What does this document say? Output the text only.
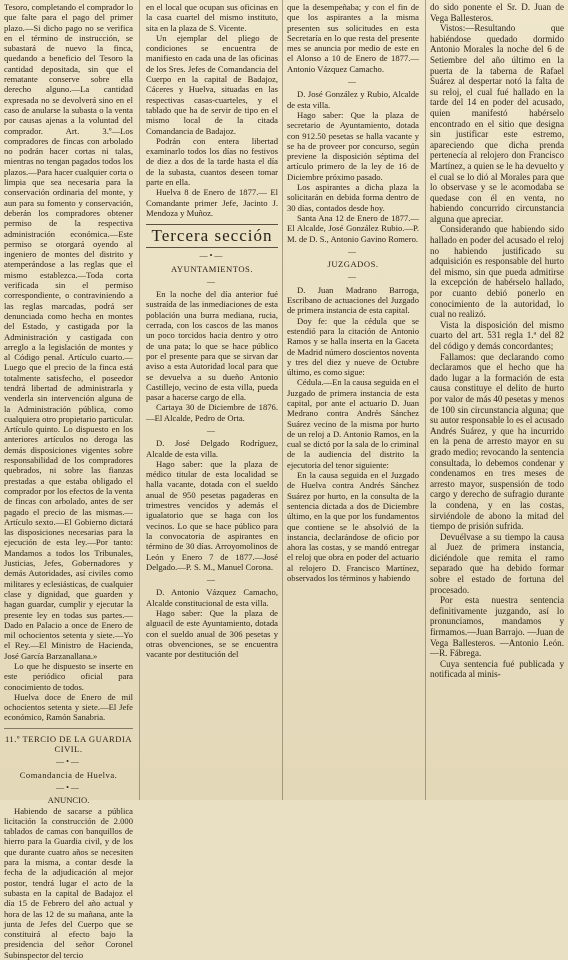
Tesoro, completando el comprador lo que falte para el pago del primer plazo.—Si dicho pago no se verifica en el término de instrucción, se subastará de nuevo la finca, quedando a beneficio del Tesoro la cantidad depositada, sin que el rematante conserve sobre ella derecho alguno.—La cantidad expresada no se devolverá sino en el caso de anularse la subasta o la venta por causas ajenas a la voluntad del comprador. Art. 3.º—Los compradores de fincas con arbolado no podrán hacer cortas ni talas, mientras no tengan pagados todos los plazos.—Para hacer cualquier corta o limpia que sea necesaria para la conservación ordinaria del monte, y aun para su fomento y conservación, deberán los compradores obtener permiso de la respectiva administración económica.—Este permiso se otorgará oyendo al ingeniero de montes del distrito y atemperándose a las reglas que el mismo establezca.—Toda corta verificada sin el permiso correspondiente, o contraviniendo a las reglas marcadas, podrá ser denunciada como hecha en montes del Estado, y castigada por la Administración y castigada con arreglo a la legislación de montes y al Código penal. Artículo cuarto.—Luego que el precio de la finca está totalmente satisfecho, el poseedor tendrá libertad de administrarla y venderla sin intervención alguna de la Administración pública, como cualquiera otro propietario particular. Artículo quinto. Lo dispuesto en los anteriores artículos no deroga las demás disposiciones vigentes sobre responsabilidad de los compradores quebrados, ni sobre las fianzas prestadas a que estaba obligado el comprador por los efectos de la venta de fincas con arbolado, antes de ser pagado el precio de las mismas.—Artículo sexto.—El Gobierno dictará las disposiciones necesarias para la ejecución de esta ley.—Por tanto: Mandamos a todos los Tribunales, Justicias, Jefes, Gobernadores y demás Autoridades, así civiles como militares y eclesiásticas, de cualquier clase y dignidad, que guarden y hagan guardar, cumplir y ejecutar la presente ley en todas sus partes.—Dado en Palacio a once de Enero de mil ochocientos setenta y siete.—Yo el Rey.—El Ministro de Hacienda, José García Barzanallana.»

Lo que he dispuesto se inserte en este periódico oficial para conocimiento de todos.

Huelva doce de Enero de mil ochocientos setenta y siete.—El Jefe económico, Ramón Sanabria.

11.º TERCIO DE LA GUARDIA CIVIL.

—•—

Comandancia de Huelva.

—•—

ANUNCIO.

Habiendo de sacarse a pública licitación la construcción de 2.000 tablados de camas con banquillos de hierro para la Guardia civil, y de los que durante cuatro años se necesiten para la misma, a contar desde la fecha de la adjudicación al mejor postor, tendrá lugar el acto de la subasta en la capital de Badajoz el día 15 de Febrero del año actual y hora de las 12 de su mañana, ante la junta de Jefes del Cuerpo que se constituirá al efecto bajo la presidencia del señor Coronel Subinspector del tercio

en el local que ocupan sus oficinas en la casa cuartel del mismo instituto, sita en la plaza de S. Vicente.

Un ejemplar del pliego de condiciones se encuentra de manifiesto en cada una de las oficinas de los Sres. Jefes de Comandancia del Cuerpo en la capital de Badajoz, Cáceres y Huelva, situadas en las respectivas casas-cuarteles, y el tablado que ha de servir de tipo en el mismo local de la citada Comandancia de Badajoz.

Podrán con entera libertad examinarlo todos los días no festivos de diez a dos de la tarde hasta el día de la subasta, cuantos deseen tomar parte en ella.

Huelva 8 de Enero de 1877.— El Comandante primer Jefe, Jacinto J. Mendoza y Muñoz.

Tercera sección
—•—

AYUNTAMIENTOS.

—

En la noche del día anterior fué sustraída de las inmediaciones de esta población una burra mediana, rucia, cerrada, con los cascos de las manos un poco torcidos hacia dentro y otro de una pata; lo que se hace público por el presente para que se sirvan dar aviso a esta Autoridad local para que se devuelva a su dueño Antonio Castillejo, vecino de esta villa, pueda pasar a hacerse cargo de ella.

Cartaya 30 de Diciembre de 1876.—El Alcalde, Pedro de Orta.

—

D. José Delgado Rodríguez, Alcalde de esta villa.

Hago saber: que la plaza de médico titular de esta localidad se halla vacante, dotada con el sueldo anual de 950 pesetas pagaderas en trimestres vencidos y además el igualatorio que se haga con los vecinos. Lo que se hace público para la convocatoria de aspirantes en término de 30 días. Arroyomolinos de León y Enero 7 de 1877.—José Delgado.—P. S. M., Manuel Corona.

—

D. Antonio Vázquez Camacho, Alcalde constitucional de esta villa.

Hago saber: Que la plaza de alguacil de este Ayuntamiento, dotada con el sueldo anual de 306 pesetas y otras obvenciones, se se encuentra vacante por destitución del

que la desempeñaba; y con el fin de que los aspirantes a la misma presenten sus solicitudes en esta Secretaría en lo que resta del presente mes se anuncia por medio de este en el Alonso a 10 de Enero de 1877.—Antonio Vázquez Camacho.

—

D. José González y Rubio, Alcalde de esta villa.

Hago saber: Que la plaza de secretario de Ayuntamiento, dotada con 912.50 pesetas se halla vacante y se ha de proveer por concurso, según previene la disposición séptima del artículo primero de la ley de 16 de Diciembre próximo pasado.

Los aspirantes a dicha plaza la solicitarán en debida forma dentro de 30 días, contados desde hoy.

Santa Ana 12 de Enero de 1877.—El Alcalde, José González Rubio.—P. M. de D. S., Antonio Gavino Romero.

—

JUZGADOS.

—

D. Juan Madrano Barroga, Escribano de actuaciones del Juzgado de primera instancia de esta capital.

Doy fe: que la cédula que se estendió para la citación de Antonio Ramos y se halla inserta en la Gaceta de Madrid número doscientos noventa y tres del diez y nueve de Octubre último, es como sigue:

Cédula.—En la causa seguida en el Juzgado de primera instancia de esta capital, por ante el actuario D. Juan Medrano contra Andrés Sánchez Suárez vecino de la misma por hurto de un reloj a D. Antonio Ramos, en la cual se dictó por la sala de lo criminal de la audiencia del distrito la ejecutoria del tenor siguiente:

En la causa seguida en el Juzgado de Huelva contra Andrés Sánchez Suárez por hurto, en la consulta de la sentencia dictada a dos de Diciembre último, en la que por los fundamentos que contiene se le absolvió de la instancia, declarándose de oficio por ahora las costas, y se mandó entregar el reloj que obra en poder del actuario al relojero D. Francisco Martínez, observados los términos y habiendo

do sido ponente el Sr. D. Juan de Vega Ballesteros.

Vistos:—Resultando que habiéndose quedado dormido Antonio Morales la noche del 6 de Setiembre del año último en la puerta de la taberna de Rafael Suárez al despertar notó la falta de su reloj, el cual fué hallado en la tarde del 14 en poder del acusado, quien manifestó habérselo encontrado en el sitio que designa sin justificar este estremo, apareciendo que dicha prenda pertenecía al relojero don Francisco Martínez, a quien se le ha devuelto y el cual se lo dió al Morales para que lo observase y se le acomodaba se quedase con él en venta, no habiendo concurrido circunstancia alguna que apreciar.

Considerando que habiendo sido hallado en poder del acusado el reloj no habiendo justificado su adquisición es responsable del hurto del mismo, sin que pueda admitirse la excepción de habérselo hallado, por cuanto debió ponerlo en conocimiento de la autoridad, lo cual no realizó.

Vista la disposición del mismo cuarto del art. 531 regla 1.ª del 82 del código y demás concordantes;

Fallamos: que declarando como declaramos que el hecho que ha dado lugar a la formación de esta causa constituye el delito de hurto por valor de más 40 pesetas y menos de 100 sin circunstancia alguna; que su autor responsable lo es el acusado Andrés Suárez, y que ha incurrido en la pena de arresto mayor en su grado medio; revocando la sentencia consultada, lo debemos condenar y condenamos en tres meses de arresto mayor, suspensión de todo cargo y derecho de sufragio durante la condena, y en las costas, sirviéndole de abono la mitad del tiempo de prisión sufrida.

Devuélvase a su tiempo la causa al Juez de primera instancia, diciéndole que remita el ramo separado que ha debido formar sobre el estado de fortuna del procesado.

Por esta nuestra sentencia definitivamente juzgando, así lo pronunciamos, mandamos y firmamos.—Juan Barrajo. —Juan de Vega Ballesteros. —Antonio León.—R. Fábrega.

Cuya sentencia fué publicada y notificada al minis-
